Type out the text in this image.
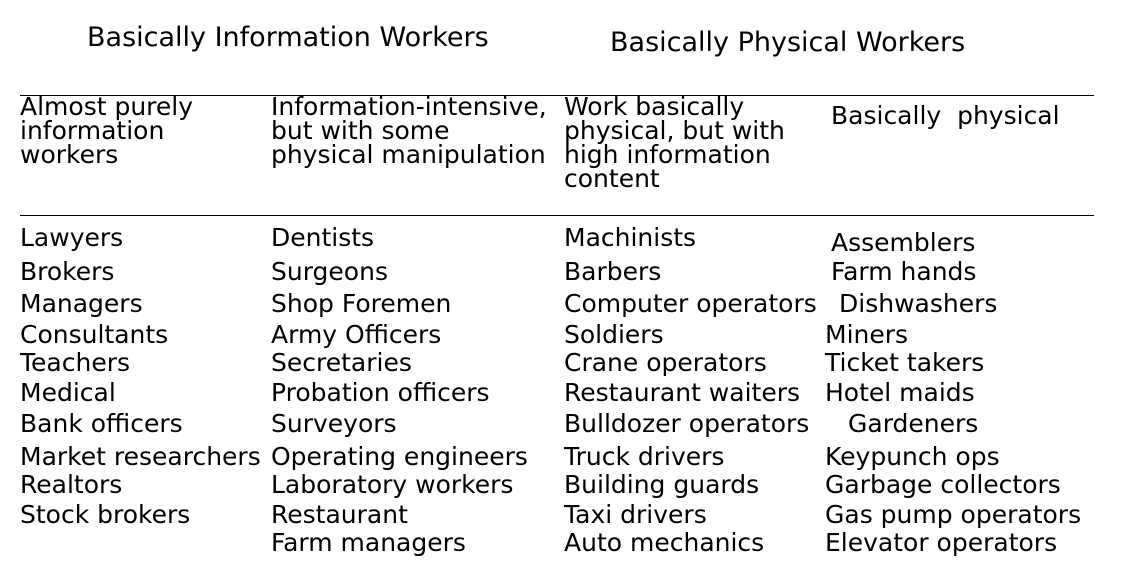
Basically Information Workers	Basically Physical Workers
Almost purely
information
workers
Information-intensive,
but with some
physical manipulation
Work basically
physical, but with
high information
content
Basically  physical
Lawyers
Brokers
Managers
Consultants
Teachers
Medical
Bank officers
Market researchers
Realtors
Stock brokers
Dentists
Surgeons
Shop Foremen
Army Officers
Secretaries
Probation officers
Surveyors
Operating engineers
Laboratory workers
Restaurant
Farm managers
Machinists
Barbers
Computer operators
Soldiers
Crane operators
Restaurant waiters
Bulldozer operators
Truck drivers
Building guards
Taxi drivers
Auto mechanics
Assemblers
Farm hands
Dishwashers
Miners
Ticket takers
Hotel maids
Gardeners
Keypunch ops
Garbage collectors
Gas pump operators
Elevator operators
